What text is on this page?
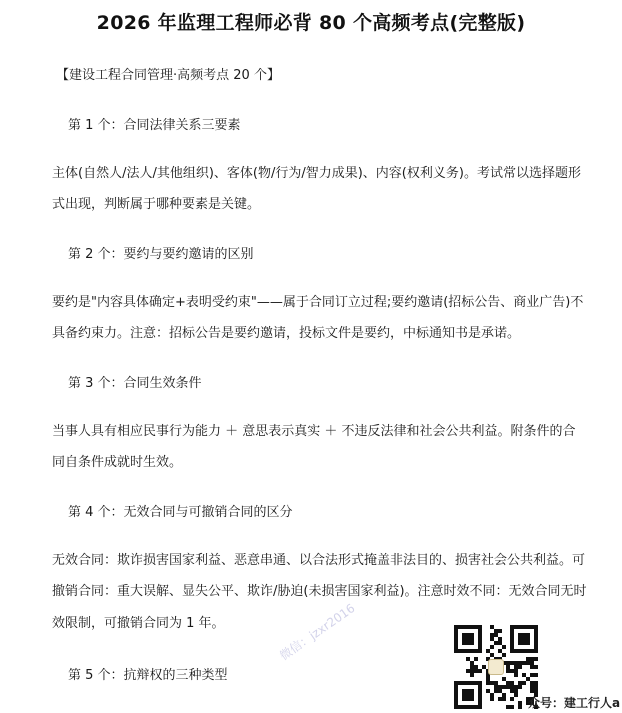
2026 年监理工程师必背 80 个高频考点(完整版)
【建设工程合同管理·高频考点 20 个】
第 1 个：合同法律关系三要素
主体(自然人/法人/其他组织)、客体(物/行为/智力成果)、内容(权利义务)。考试常以选择题形
式出现，判断属于哪种要素是关键。
第 2 个：要约与要约邀请的区别
要约是"内容具体确定+表明受约束"——属于合同订立过程;要约邀请(招标公告、商业广告)不
具备约束力。注意：招标公告是要约邀请，投标文件是要约，中标通知书是承诺。
第 3 个：合同生效条件
当事人具有相应民事行为能力 ＋ 意思表示真实 ＋ 不违反法律和社会公共利益。附条件的合
同自条件成就时生效。
第 4 个：无效合同与可撤销合同的区分
无效合同：欺诈损害国家利益、恶意串通、以合法形式掩盖非法目的、损害社会公共利益。可
撤销合同：重大误解、显失公平、欺诈/胁迫(未损害国家利益)。注意时效不同：无效合同无时
效限制，可撤销合同为 1 年。
第 5 个：抗辩权的三种类型
微信：jzxr2016
众号：建工行人a
